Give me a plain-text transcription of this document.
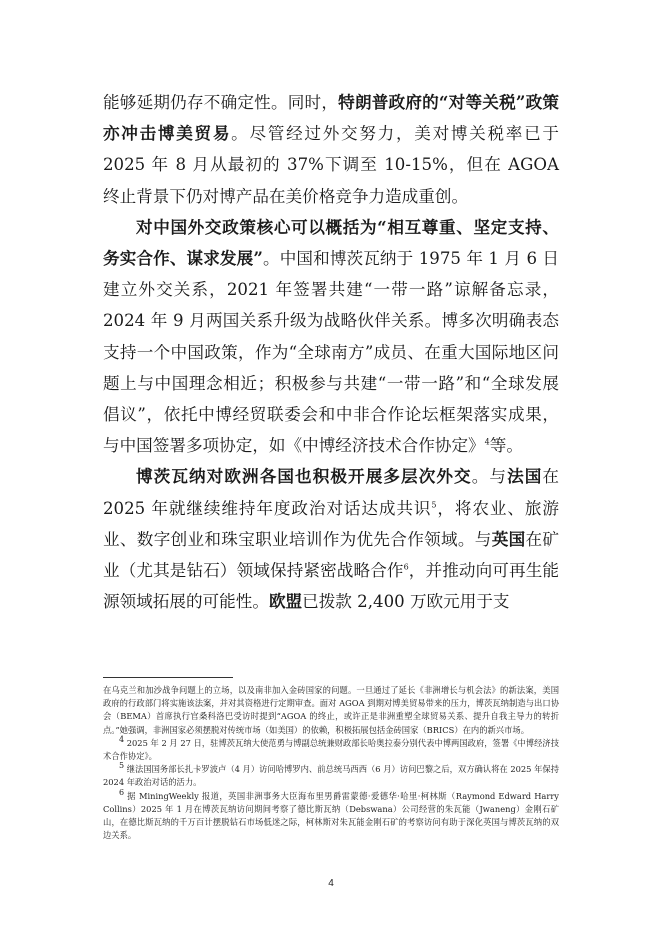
能够延期仍存不确定性。同时，特朗普政府的“对等关税”政策亦冲击博美贸易。尽管经过外交努力，美对博关税率已于 2025 年 8 月从最初的 37%下调至 10-15%，但在 AGOA 终止背景下仍对博产品在美价格竞争力造成重创。

对中国外交政策核心可以概括为“相互尊重、坚定支持、务实合作、谋求发展”。中国和博茨瓦纳于 1975 年 1 月 6 日建立外交关系，2021 年签署共建“一带一路”谅解备忘录，2024 年 9 月两国关系升级为战略伙伴关系。博多次明确表态支持一个中国政策，作为“全球南方”成员、在重大国际地区问题上与中国理念相近；积极参与共建“一带一路”和“全球发展倡议”，依托中博经贸联委会和中非合作论坛框架落实成果，与中国签署多项协定，如《中博经济技术合作协定》$^4$等。

博茨瓦纳对欧洲各国也积极开展多层次外交。与法国在 2025 年就继续维持年度政治对话达成共识$^5$，将农业、旅游业、数字创业和珠宝职业培训作为优先合作领域。与英国在矿业（尤其是钻石）领域保持紧密战略合作$^6$，并推动向可再生能源领域拓展的可能性。欧盟已拨款 2,400 万欧元用于支

在乌克兰和加沙战争问题上的立场，以及南非加入金砖国家的问题。一旦通过了延长《非洲增长与机会法》的新法案，美国政府的行政部门将实施该法案，并对其资格进行定期审查。面对 AGOA 到期对博美贸易带来的压力，博茨瓦纳制造与出口协会（BEMA）首席执行官桑科洛巴受访时提到“AGOA 的终止，或许正是非洲重塑全球贸易关系、提升自我主导力的转折点。”她强调，非洲国家必须摆脱对传统市场（如美国）的依赖，积极拓展包括金砖国家（BRICS）在内的新兴市场。

$^4$ 2025 年 2 月 27 日，驻博茨瓦纳大使范勇与博副总统兼财政部长哈奥拉泰分别代表中博两国政府，签署《中博经济技术合作协定》。

$^5$ 继法国国务部长扎卡罗波卢（4 月）访问哈博罗内、前总统马西西（6 月）访问巴黎之后，双方确认将在 2025 年保持 2024 年政治对话的活力。

$^6$ 据 MiningWeekly 报道，英国非洲事务大臣海布里男爵雷蒙德·爱德华·哈里·柯林斯（Raymond Edward Harry Collins）2025 年 1 月在博茨瓦纳访问期间考察了德比斯瓦纳（Debswana）公司经营的朱瓦能（Jwaneng）金刚石矿山，在德比斯瓦纳的千万百计摆脱钻石市场低迷之际，柯林斯对朱瓦能金刚石矿的考察访问有助于深化英国与博茨瓦纳的双边关系。

4
